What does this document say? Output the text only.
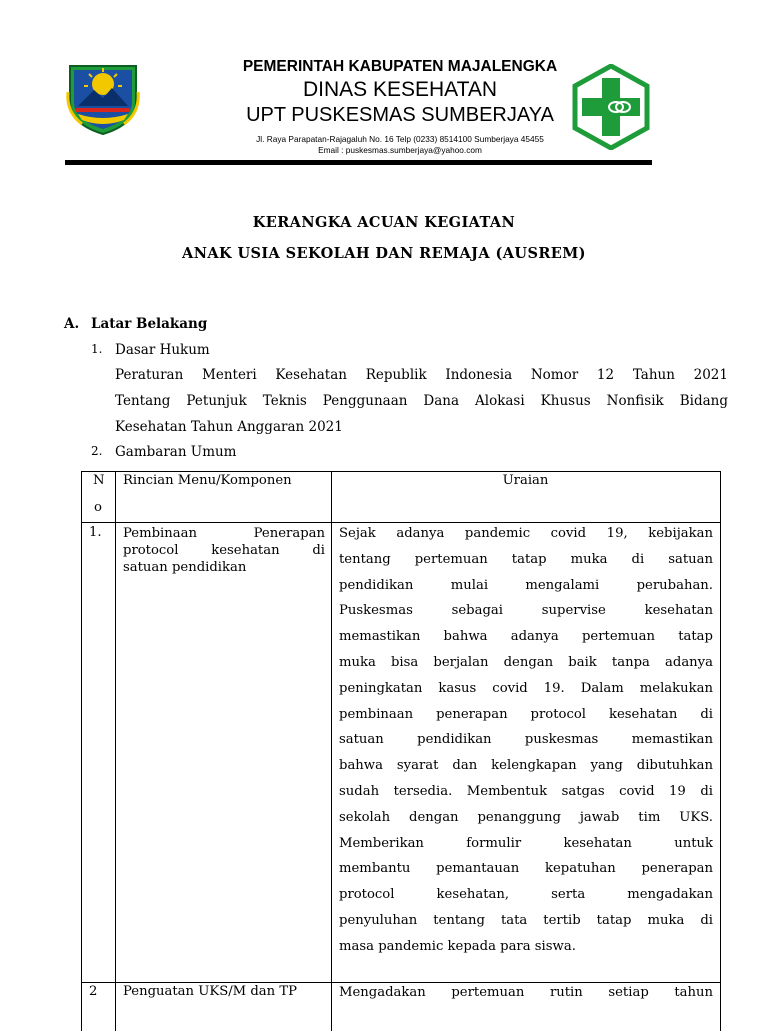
PEMERINTAH KABUPATEN MAJALENGKA
DINAS KESEHATAN
UPT PUSKESMAS SUMBERJAYA
Jl. Raya Parapatan-Rajagaluh No. 16 Telp (0233) 8514100 Sumberjaya 45455
Email : puskesmas.sumberjaya@yahoo.com
KERANGKA ACUAN KEGIATAN
ANAK USIA SEKOLAH DAN REMAJA (AUSREM)
A. Latar Belakang
1. Dasar Hukum
Peraturan Menteri Kesehatan Republik Indonesia Nomor 12 Tahun 2021
Tentang Petunjuk Teknis Penggunaan Dana Alokasi Khusus Nonfisik Bidang
Kesehatan Tahun Anggaran 2021
2. Gambaran Umum
N
o
Rincian Menu/Komponen	Uraian
1. Pembinaan Penerapan
protocol kesehatan di
satuan pendidikan
Sejak adanya pandemic covid 19, kebijakan
tentang pertemuan tatap muka di satuan
pendidikan mulai mengalami perubahan.
Puskesmas sebagai supervise kesehatan
memastikan bahwa adanya pertemuan tatap
muka bisa berjalan dengan baik tanpa adanya
peningkatan kasus covid 19. Dalam melakukan
pembinaan penerapan protocol kesehatan di
satuan pendidikan puskesmas memastikan
bahwa syarat dan kelengkapan yang dibutuhkan
sudah tersedia. Membentuk satgas covid 19 di
sekolah dengan penanggung jawab tim UKS.
Memberikan formulir kesehatan untuk
membantu pemantauan kepatuhan penerapan
protocol kesehatan, serta mengadakan
penyuluhan tentang tata tertib tatap muka di
masa pandemic kepada para siswa.
2 Penguatan UKS/M dan TP	Mengadakan pertemuan rutin setiap tahun
